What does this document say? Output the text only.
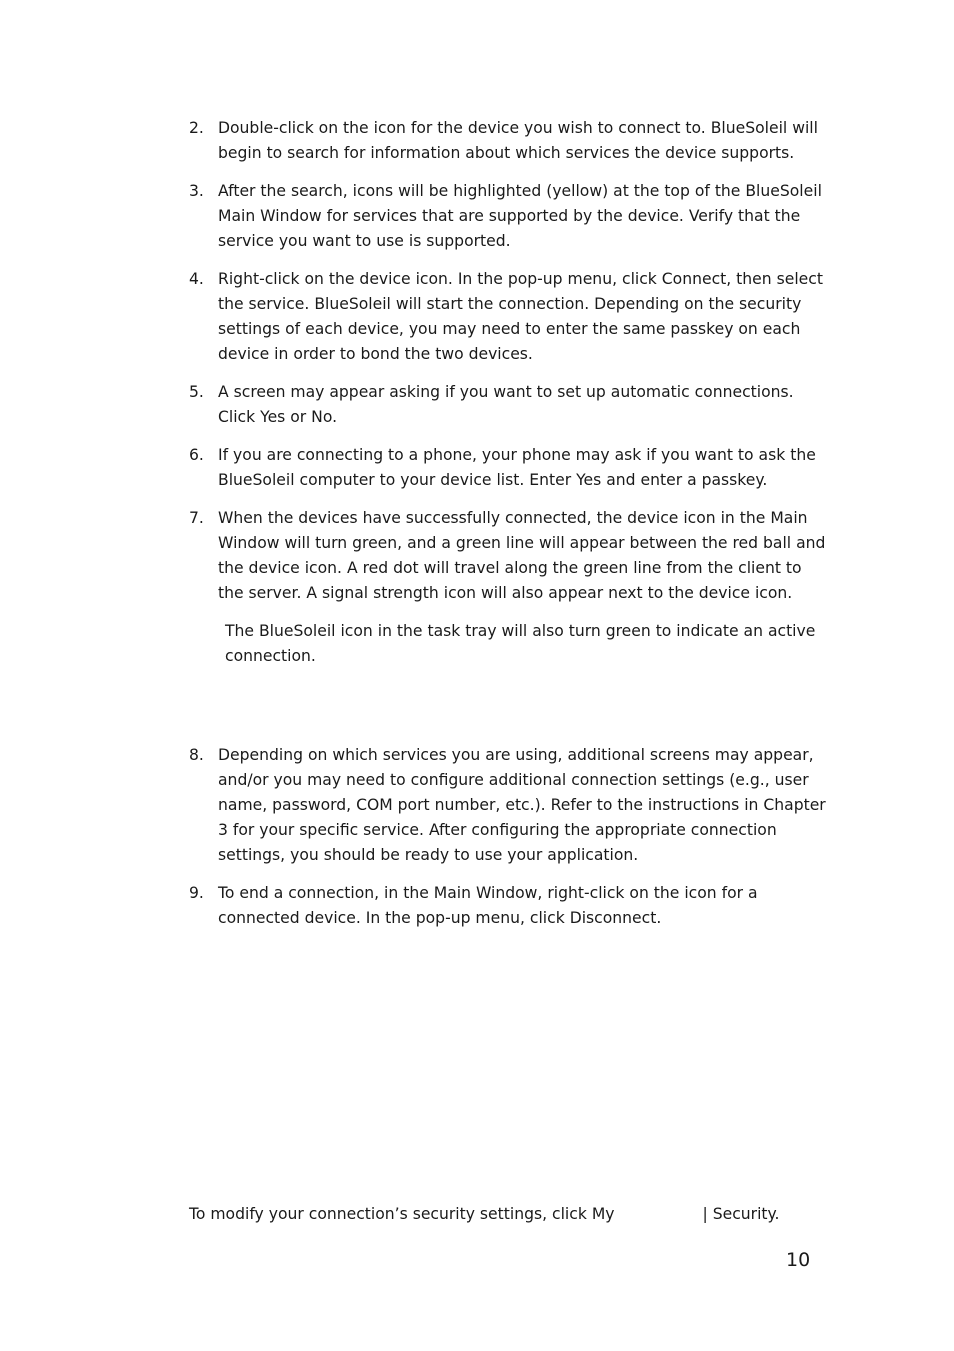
2. Double-click on the icon for the device you wish to connect to. BlueSoleil will begin to search for information about which services the device supports.
3. After the search, icons will be highlighted (yellow) at the top of the BlueSoleil Main Window for services that are supported by the device. Verify that the service you want to use is supported.
4. Right-click on the device icon. In the pop-up menu, click Connect, then select the service. BlueSoleil will start the connection. Depending on the security settings of each device, you may need to enter the same passkey on each device in order to bond the two devices.
5. A screen may appear asking if you want to set up automatic connections. Click Yes or No.
6. If you are connecting to a phone, your phone may ask if you want to ask the BlueSoleil computer to your device list. Enter Yes and enter a passkey.
7. When the devices have successfully connected, the device icon in the Main Window will turn green, and a green line will appear between the red ball and the device icon. A red dot will travel along the green line from the client to the server. A signal strength icon will also appear next to the device icon.

The BlueSoleil icon in the task tray will also turn green to indicate an active connection.

8. Depending on which services you are using, additional screens may appear, and/or you may need to configure additional connection settings (e.g., user name, password, COM port number, etc.). Refer to the instructions in Chapter 3 for your specific service. After configuring the appropriate connection settings, you should be ready to use your application.
9. To end a connection, in the Main Window, right-click on the icon for a connected device. In the pop-up menu, click Disconnect.
To modify your connection’s security settings, click My	| Security.
10
